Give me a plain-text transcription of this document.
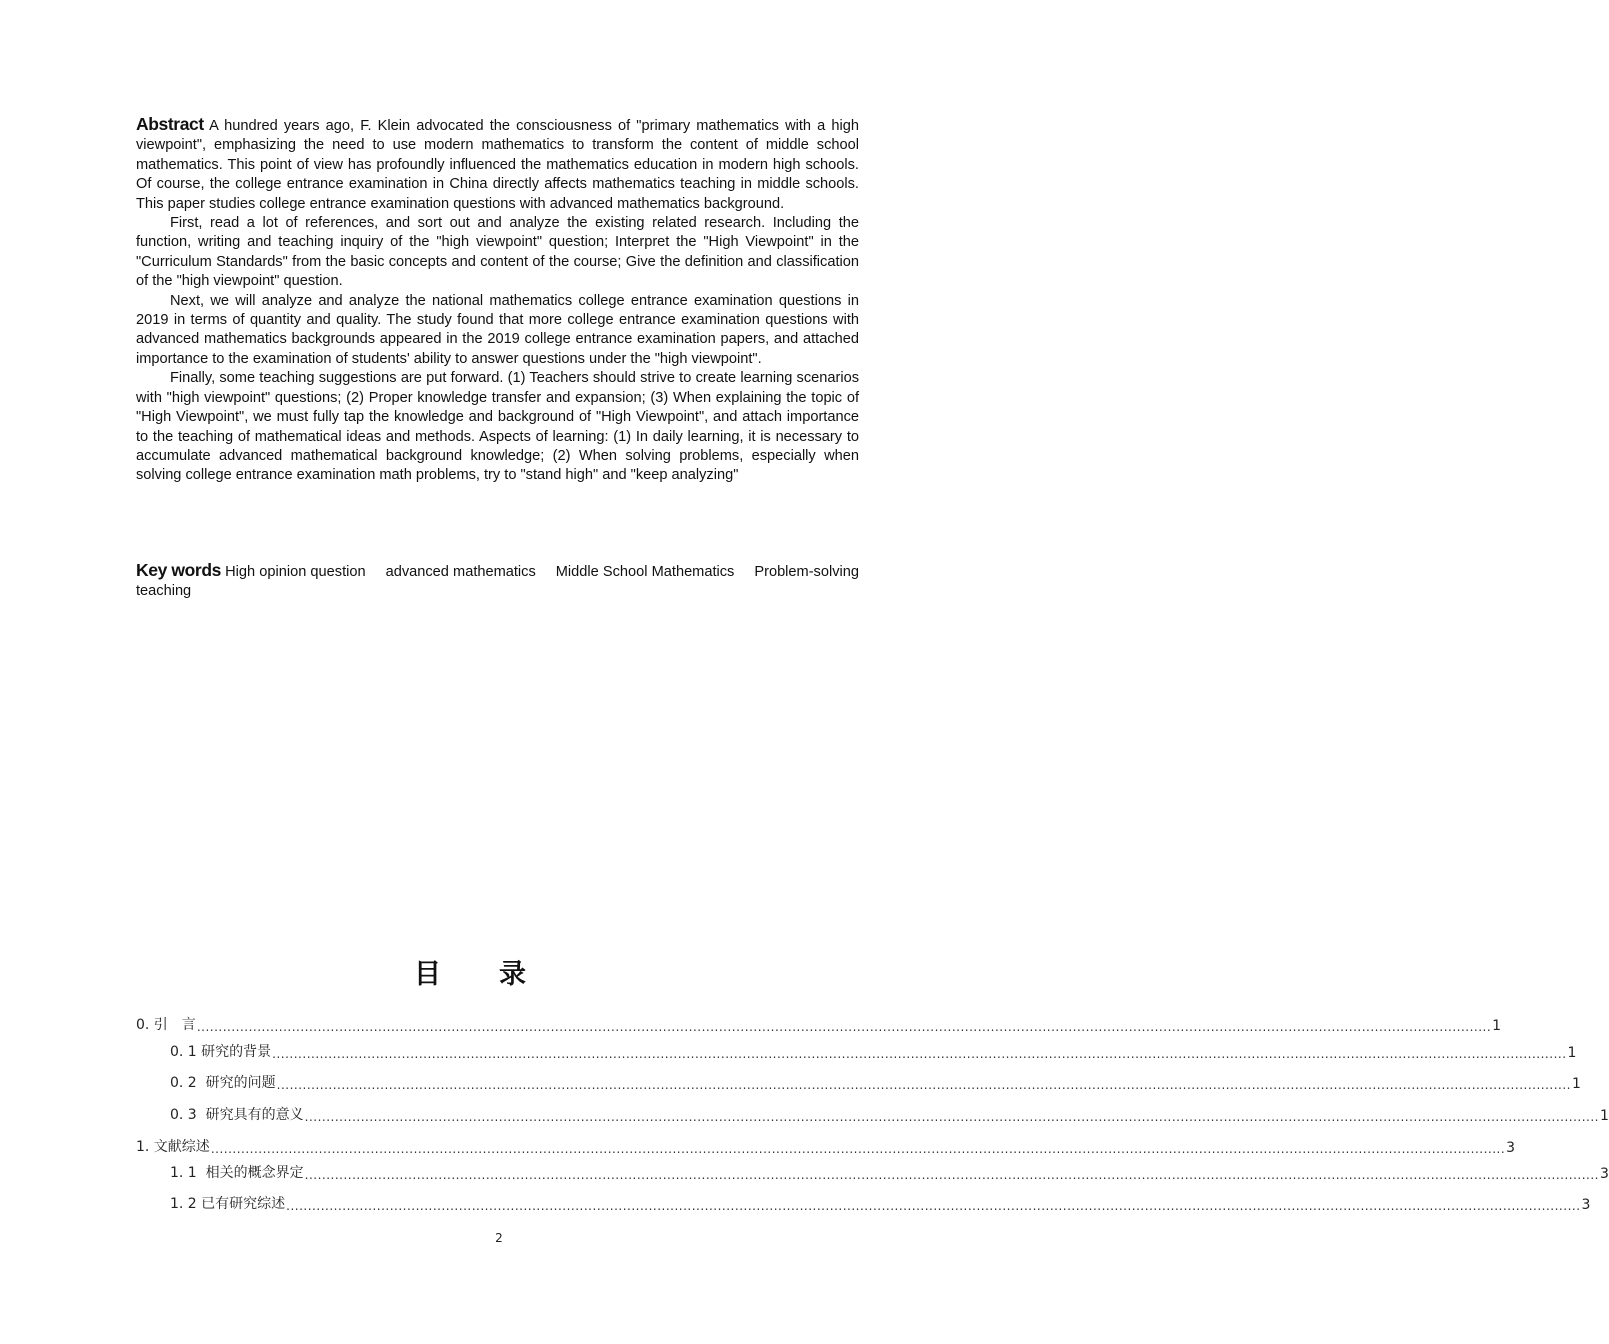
Abstract A hundred years ago, F. Klein advocated the consciousness of "primary mathematics with a high viewpoint", emphasizing the need to use modern mathematics to transform the content of middle school mathematics. This point of view has profoundly influenced the mathematics education in modern high schools. Of course, the college entrance examination in China directly affects mathematics teaching in middle schools. This paper studies college entrance examination questions with advanced mathematics background.

First, read a lot of references, and sort out and analyze the existing related research. Including the function, writing and teaching inquiry of the "high viewpoint" question; Interpret the "High Viewpoint" in the "Curriculum Standards" from the basic concepts and content of the course; Give the definition and classification of the "high viewpoint" question.

Next, we will analyze and analyze the national mathematics college entrance examination questions in 2019 in terms of quantity and quality. The study found that more college entrance examination questions with advanced mathematics backgrounds appeared in the 2019 college entrance examination papers, and attached importance to the examination of students' ability to answer questions under the "high viewpoint".

Finally, some teaching suggestions are put forward. (1) Teachers should strive to create learning scenarios with "high viewpoint" questions; (2) Proper knowledge transfer and expansion; (3) When explaining the topic of "High Viewpoint", we must fully tap the knowledge and background of "High Viewpoint", and attach importance to the teaching of mathematical ideas and methods. Aspects of learning: (1) In daily learning, it is necessary to accumulate advanced mathematical background knowledge; (2) When solving problems, especially when solving college entrance examination math problems, try to "stand high" and "keep analyzing"

Key words High opinion question advanced mathematics Middle School Mathematics Problem-solving teaching

目录
0. 引　言 ............................................................................................................................................................................................................................................................................................................ 1
0. 1 研究的背景 ............................................................................................................................................................................................................................................................................................................ 1
0. 2  研究的问题 ............................................................................................................................................................................................................................................................................................................ 1
0. 3  研究具有的意义 ............................................................................................................................................................................................................................................................................................................ 1
1. 文献综述 ............................................................................................................................................................................................................................................................................................................ 3
1. 1  相关的概念界定 ............................................................................................................................................................................................................................................................................................................ 3
1. 2 已有研究综述 ............................................................................................................................................................................................................................................................................................................ 3
2
